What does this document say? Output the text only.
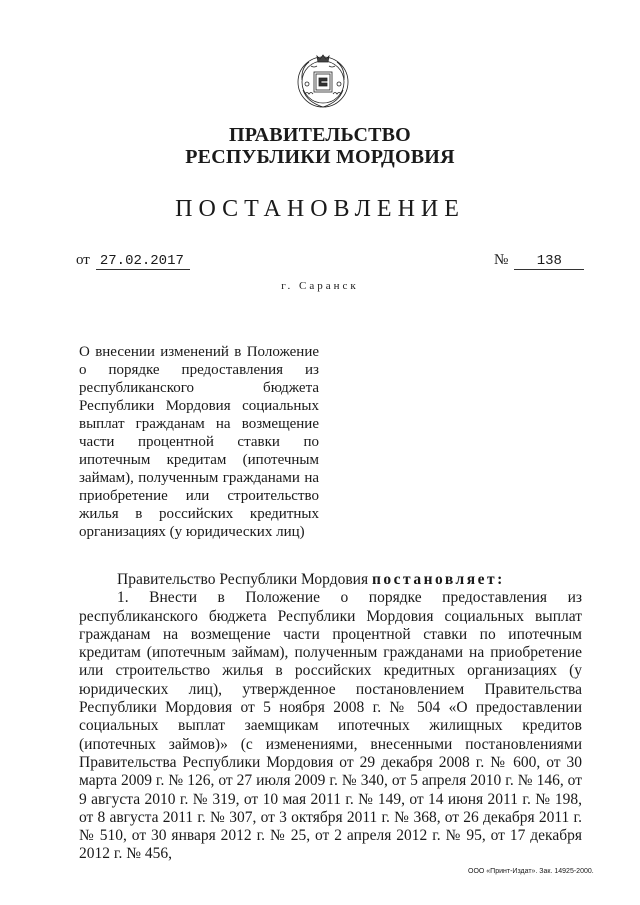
ПРАВИТЕЛЬСТВО
РЕСПУБЛИКИ МОРДОВИЯ
ПОСТАНОВЛЕНИЕ
от 27.02.2017	№ 138
г. Саранск
О внесении изменений в Положение о порядке предоставления из республиканского бюджета Республики Мордовия социальных выплат гражданам на возмещение части процентной ставки по ипотечным кредитам (ипотечным займам), полученным гражданами на приобретение или строительство жилья в российских кредитных организациях (у юридических лиц)

Правительство Республики Мордовия постановляет:

1. Внести в Положение о порядке предоставления из республиканского бюджета Республики Мордовия социальных выплат гражданам на возмещение части процентной ставки по ипотечным кредитам (ипотечным займам), полученным гражданами на приобретение или строительство жилья в российских кредитных организациях (у юридических лиц), утвержденное постановлением Правительства Республики Мордовия от 5 ноября 2008 г. № 504 «О предоставлении социальных выплат заемщикам ипотечных жилищных кредитов (ипотечных займов)» (с изменениями, внесенными постановлениями Правительства Республики Мордовия от 29 декабря 2008 г. № 600, от 30 марта 2009 г. № 126, от 27 июля 2009 г. № 340, от 5 апреля 2010 г. № 146, от 9 августа 2010 г. № 319, от 10 мая 2011 г. № 149, от 14 июня 2011 г. № 198, от 8 августа 2011 г. № 307, от 3 октября 2011 г. № 368, от 26 декабря 2011 г. № 510, от 30 января 2012 г. № 25, от 2 апреля 2012 г. № 95, от 17 декабря 2012 г. № 456,

ООО «Принт-Издат». Зак. 14925-2000.
